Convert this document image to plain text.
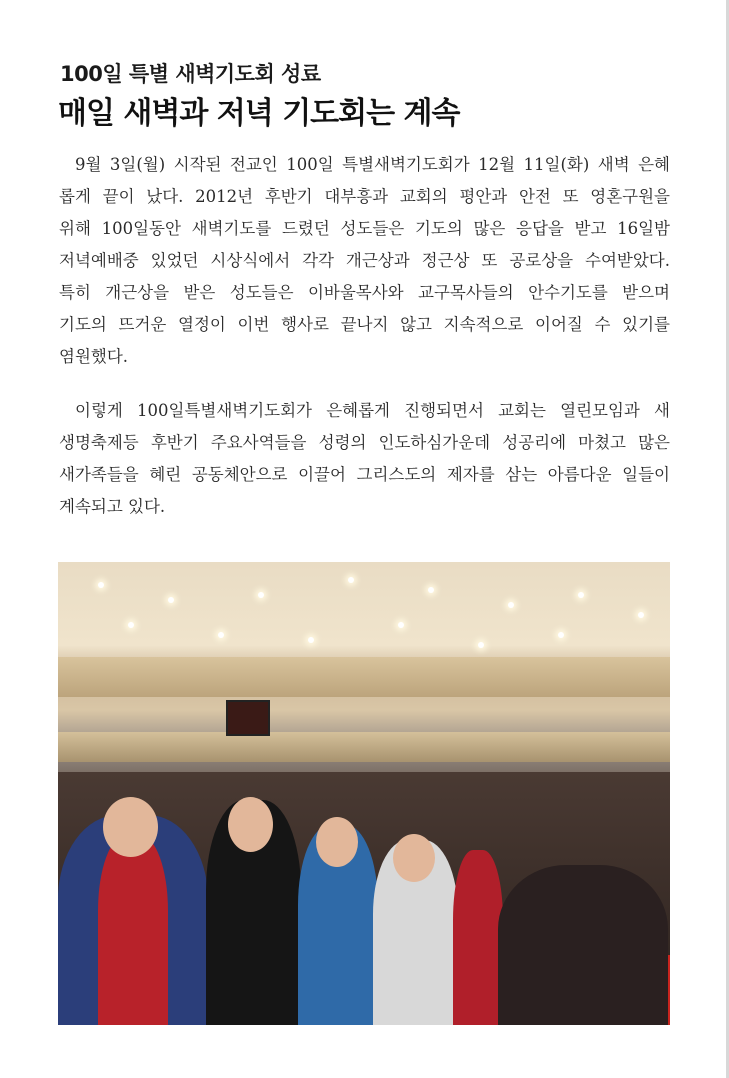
100일 특별 새벽기도회 성료
매일 새벽과 저녁 기도회는 계속
9월 3일(월) 시작된 전교인 100일 특별새벽기도회가 12월 11일(화) 새벽 은혜
롭게 끝이 났다. 2012년 후반기 대부흥과 교회의 평안과 안전 또 영혼구원을
위해 100일동안 새벽기도를 드렸던 성도들은 기도의 많은 응답을 받고 16일밤
저녁예배중 있었던 시상식에서 각각 개근상과 정근상 또 공로상을 수여받았다.
특히 개근상을 받은 성도들은 이바울목사와 교구목사들의 안수기도를 받으며
기도의 뜨거운 열정이 이번 행사로 끝나지 않고 지속적으로 이어질 수 있기를
염원했다.
이렇게 100일특별새벽기도회가 은혜롭게 진행되면서 교회는 열린모임과 새
생명축제등 후반기 주요사역들을 성령의 인도하심가운데 성공리에 마쳤고 많은
새가족들을 혜린 공동체안으로 이끌어 그리스도의 제자를 삼는 아름다운 일들이
계속되고 있다.
